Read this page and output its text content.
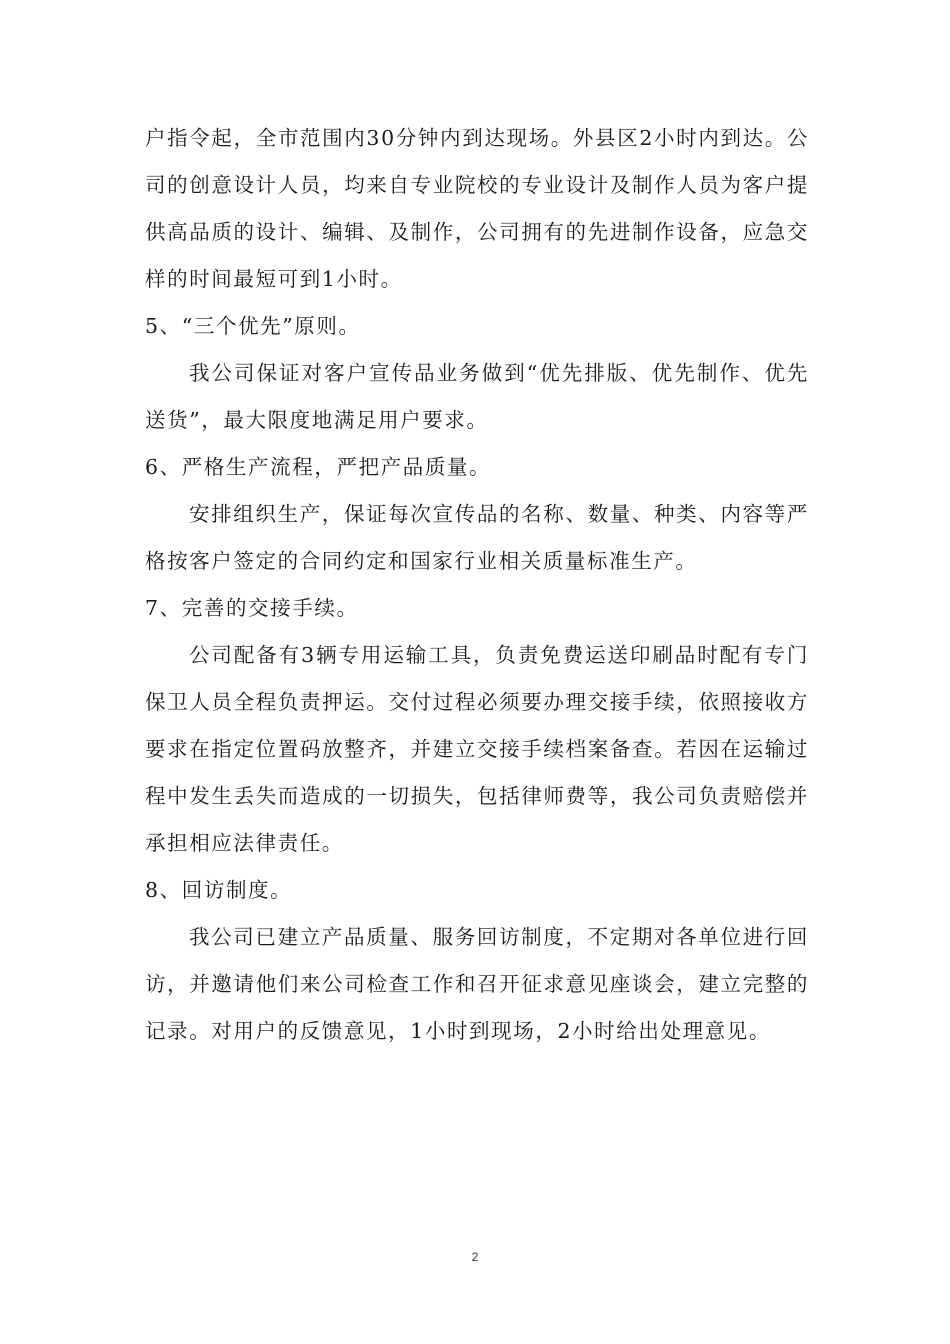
户指令起，全市范围内30分钟内到达现场。外县区2小时内到达。公司的创意设计人员，均来自专业院校的专业设计及制作人员为客户提供高品质的设计、编辑、及制作，公司拥有的先进制作设备，应急交样的时间最短可到1小时。

5、“三个优先”原则。

我公司保证对客户宣传品业务做到“优先排版、优先制作、优先送货”，最大限度地满足用户要求。

6、严格生产流程，严把产品质量。

安排组织生产，保证每次宣传品的名称、数量、种类、内容等严格按客户签定的合同约定和国家行业相关质量标准生产。

7、完善的交接手续。

公司配备有3辆专用运输工具，负责免费运送印刷品时配有专门保卫人员全程负责押运。交付过程必须要办理交接手续，依照接收方要求在指定位置码放整齐，并建立交接手续档案备查。若因在运输过程中发生丢失而造成的一切损失，包括律师费等，我公司负责赔偿并承担相应法律责任。

8、回访制度。

我公司已建立产品质量、服务回访制度，不定期对各单位进行回访，并邀请他们来公司检查工作和召开征求意见座谈会，建立完整的记录。对用户的反馈意见，1小时到现场，2小时给出处理意见。

2
